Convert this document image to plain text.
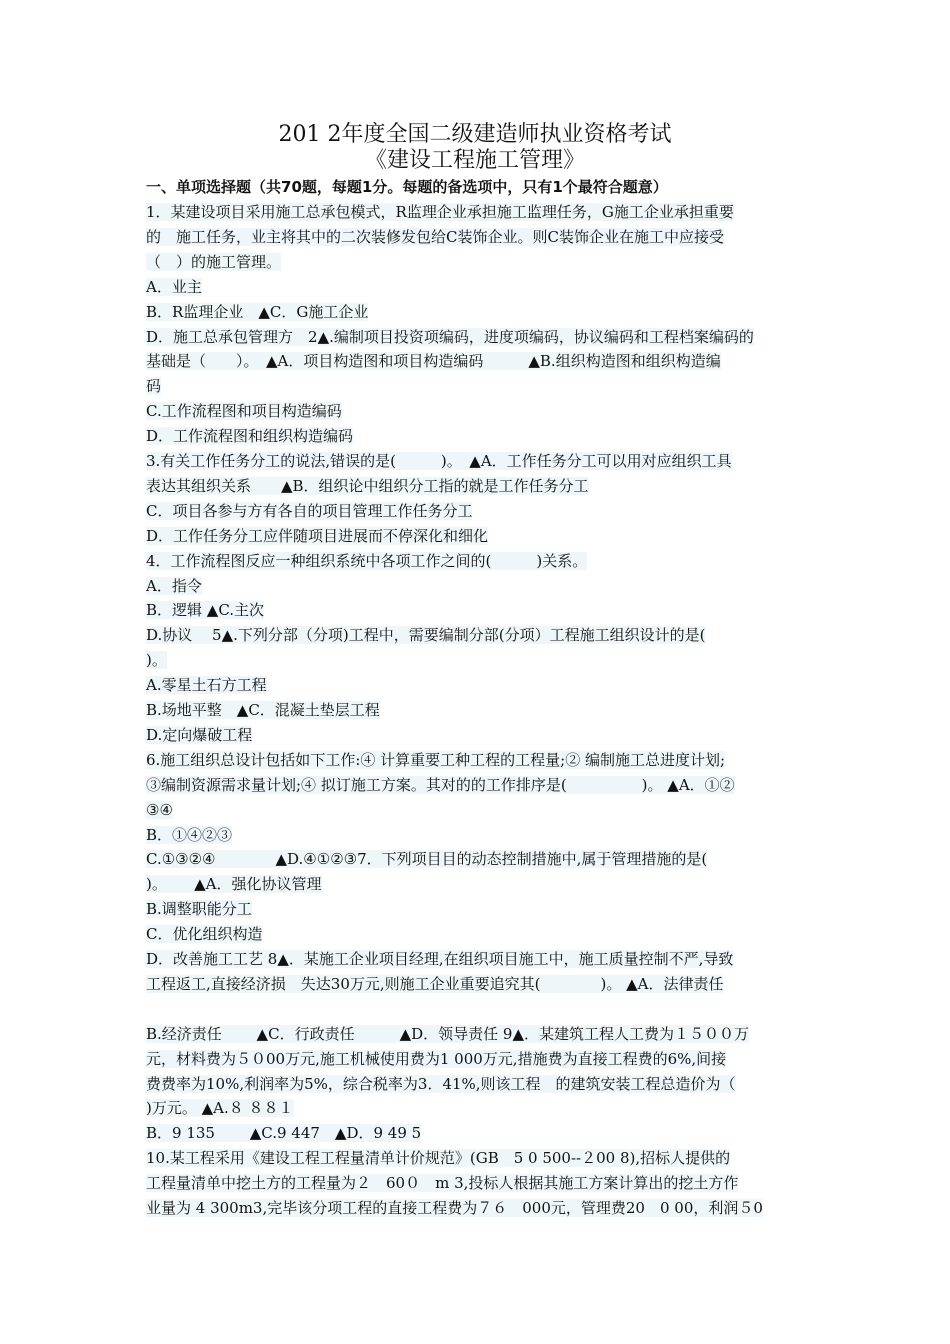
201 2年度全国二级建造师执业资格考试
《建设工程施工管理》
一、单项选择题（共70题，每题1分。每题的备选项中，只有1个最符合题意）
1．某建设项目采用施工总承包模式，R监理企业承担施工监理任务，G施工企业承担重要
的　施工任务，业主将其中的二次装修发包给C装饰企业。则C装饰企业在施工中应接受
（　）的施工管理。
A．业主
B．R监理企业　▲C．G施工企业
D．施工总承包管理方　2▲.编制项目投资项编码，进度项编码，协议编码和工程档案编码的
基础是（　　）。　▲A．项目构造图和项目构造编码　　　▲B.组织构造图和组织构造编
码
C.工作流程图和项目构造编码
D．工作流程图和组织构造编码
3.有关工作任务分工的说法,错误的是(　　　)。　▲A．工作任务分工可以用对应组织工具
表达其组织关系　　▲B．组织论中组织分工指的就是工作任务分工
C．项目各参与方有各自的项目管理工作任务分工
D．工作任务分工应伴随项目进展而不停深化和细化
4．工作流程图反应一种组织系统中各项工作之间的(　　　)关系。
A．指令
B．逻辑 ▲C.主次
D.协议　 5▲.下列分部（分项)工程中，需要编制分部(分项）工程施工组织设计的是(
)。
A.零星土石方工程
B.场地平整　▲C．混凝土垫层工程
D.定向爆破工程
6.施工组织总设计包括如下工作:④ 计算重要工种工程的工程量;② 编制施工总进度计划;
③编制资源需求量计划;④ 拟订施工方案。其对的的工作排序是(　　　　　)。 ▲A．①②
③④
B．①④②③
C.①③②④　　　　▲D.④①②③7．下列项目目的动态控制措施中,属于管理措施的是(
)。　　 ▲A．强化协议管理
B.调整职能分工
C．优化组织构造
D．改善施工工艺 8▲．某施工企业项目经理,在组织项目施工中，施工质量控制不严,导致
工程返工,直接经济损　失达30万元,则施工企业重要追究其(　　　　)。 ▲A．法律责任
B.经济责任　　 ▲C．行政责任　　　▲D．领导责任 9▲．某建筑工程人工费为１５００万
元，材料费为５０00万元,施工机械使用费为1 000万元,措施费为直接工程费的6%,间接
费费率为10%,利润率为5%，综合税率为3．41%,则该工程　的建筑安装工程总造价为（
)万元。 ▲A.８ ８８１
B．9 135　　 ▲C.9 447　▲D．9 49 5
10.某工程采用《建设工程工程量清单计价规范》(GB　5 0 500--２00 8),招标人提供的
工程量清单中挖土方的工程量为２　60０　m 3,投标人根据其施工方案计算出的挖土方作
业量为 4 300m3,完毕该分项工程的直接工程费为７６　000元，管理费20　0 00，利润５0
